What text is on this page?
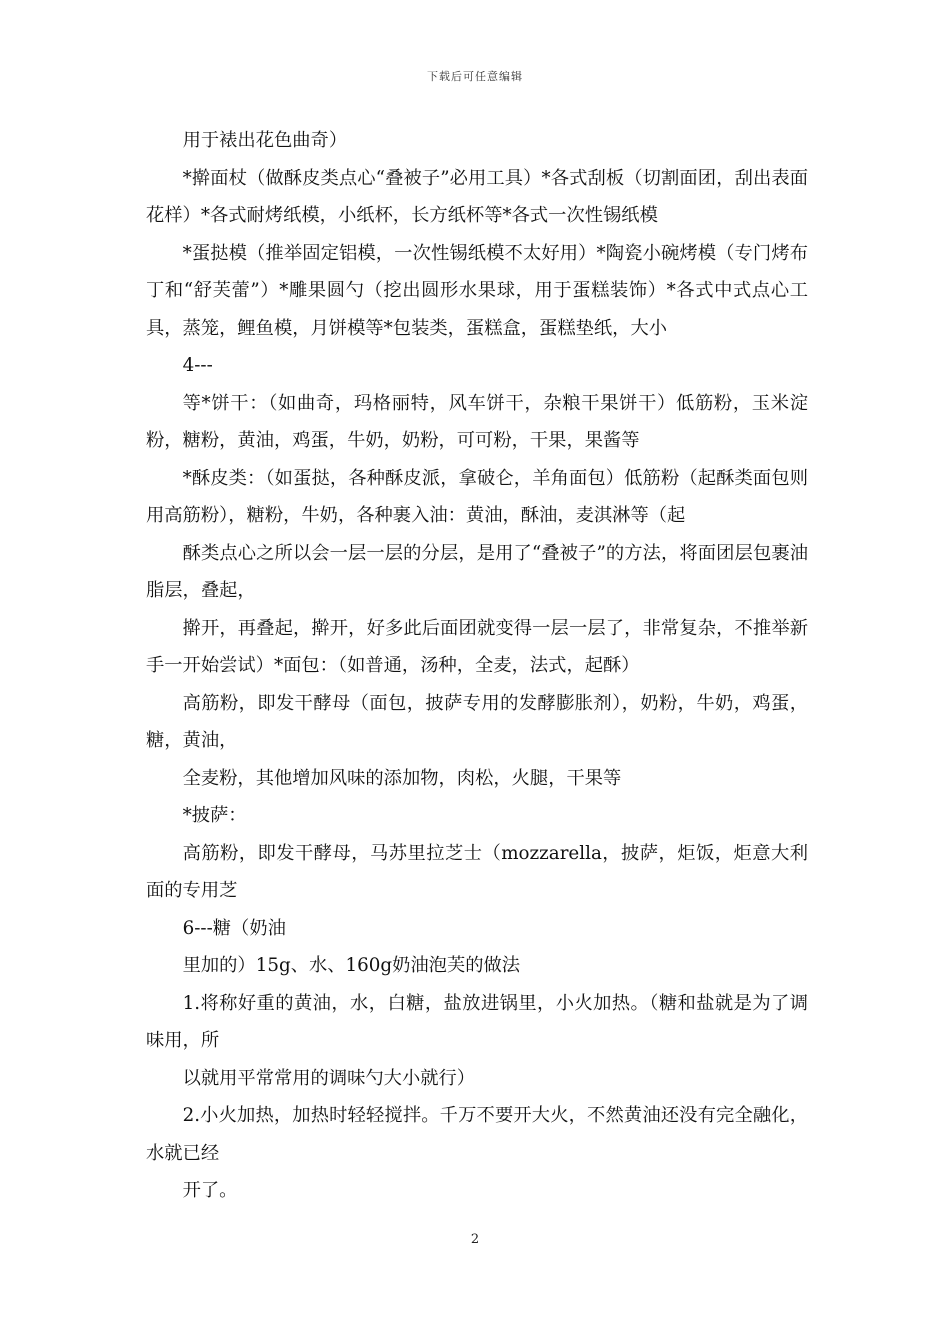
下载后可任意编辑

用于裱出花色曲奇）

*擀面杖（做酥皮类点心“叠被子”必用工具）*各式刮板（切割面团，刮出表面花样）*各式耐烤纸模，小纸杯，长方纸杯等*各式一次性锡纸模

*蛋挞模（推举固定铝模，一次性锡纸模不太好用）*陶瓷小碗烤模（专门烤布丁和“舒芙蕾”）*雕果圆勺（挖出圆形水果球，用于蛋糕装饰）*各式中式点心工具，蒸笼，鲤鱼模，月饼模等*包装类，蛋糕盒，蛋糕垫纸，大小

4---

等*饼干：（如曲奇，玛格丽特，风车饼干，杂粮干果饼干）低筋粉，玉米淀粉，糖粉，黄油，鸡蛋，牛奶，奶粉，可可粉，干果，果酱等

*酥皮类：（如蛋挞，各种酥皮派，拿破仑，羊角面包）低筋粉（起酥类面包则用高筋粉），糖粉，牛奶，各种裹入油：黄油，酥油，麦淇淋等（起

酥类点心之所以会一层一层的分层，是用了“叠被子”的方法，将面团层包裹油脂层，叠起，

擀开，再叠起，擀开，好多此后面团就变得一层一层了，非常复杂，不推举新手一开始尝试）*面包：（如普通，汤种，全麦，法式，起酥）

高筋粉，即发干酵母（面包，披萨专用的发酵膨胀剂），奶粉，牛奶，鸡蛋，糖，黄油，

全麦粉，其他增加风味的添加物，肉松，火腿，干果等

*披萨：

高筋粉，即发干酵母，马苏里拉芝士（mozzarella，披萨，炬饭，炬意大利面的专用芝

6---糖（奶油

里加的）15g、水、160g奶油泡芙的做法

1.将称好重的黄油，水，白糖，盐放进锅里，小火加热。（糖和盐就是为了调味用，所

以就用平常常用的调味勺大小就行）

2.小火加热，加热时轻轻搅拌。千万不要开大火，不然黄油还没有完全融化，水就已经

开了。

2
